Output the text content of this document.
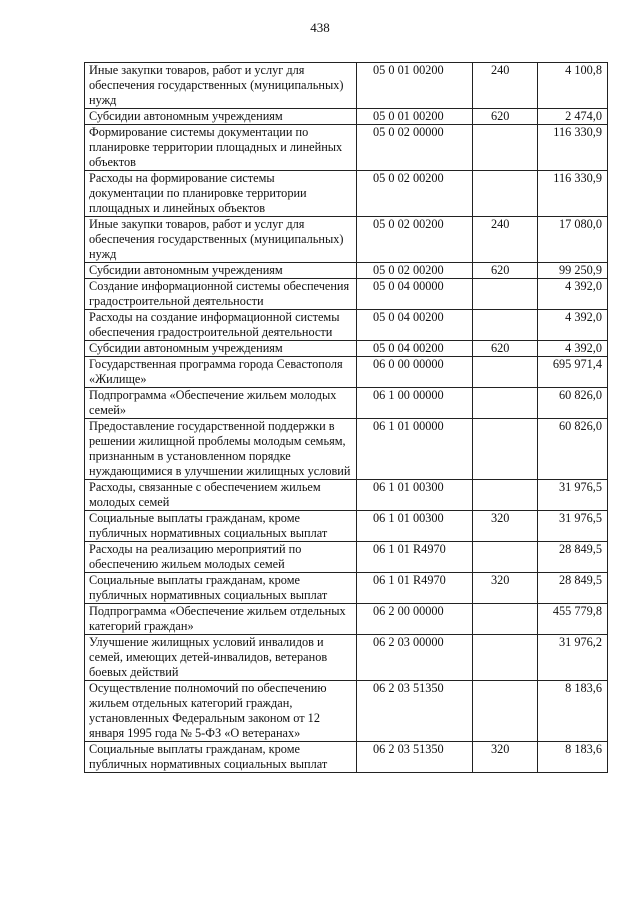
438
Иные закупки товаров, работ и услуг для обеспечения государственных (муниципальных) нужд	05 0 01 00200	240	4 100,8
Субсидии автономным учреждениям	05 0 01 00200	620	2 474,0
Формирование системы документации по планировке территории площадных и линейных объектов	05 0 02 00000		116 330,9
Расходы на формирование системы документации по планировке территории площадных и линейных объектов	05 0 02 00200		116 330,9
Иные закупки товаров, работ и услуг для обеспечения государственных (муниципальных) нужд	05 0 02 00200	240	17 080,0
Субсидии автономным учреждениям	05 0 02 00200	620	99 250,9
Создание информационной системы обеспечения градостроительной деятельности	05 0 04 00000		4 392,0
Расходы на создание информационной системы обеспечения градостроительной деятельности	05 0 04 00200		4 392,0
Субсидии автономным учреждениям	05 0 04 00200	620	4 392,0
Государственная программа города Севастополя «Жилище»	06 0 00 00000		695 971,4
Подпрограмма «Обеспечение жильем молодых семей»	06 1 00 00000		60 826,0
Предоставление государственной поддержки в решении жилищной проблемы молодым семьям, признанным в установленном порядке нуждающимися в улучшении жилищных условий	06 1 01 00000		60 826,0
Расходы, связанные с обеспечением жильем молодых семей	06 1 01 00300		31 976,5
Социальные выплаты гражданам, кроме публичных нормативных социальных выплат	06 1 01 00300	320	31 976,5
Расходы на реализацию мероприятий по обеспечению жильем молодых семей	06 1 01 R4970		28 849,5
Социальные выплаты гражданам, кроме публичных нормативных социальных выплат	06 1 01 R4970	320	28 849,5
Подпрограмма «Обеспечение жильем отдельных категорий граждан»	06 2 00 00000		455 779,8
Улучшение жилищных условий инвалидов и семей, имеющих детей-инвалидов, ветеранов боевых действий	06 2 03 00000		31 976,2
Осуществление полномочий по обеспечению жильем отдельных категорий граждан, установленных Федеральным законом от 12 января 1995 года № 5-ФЗ «О ветеранах»	06 2 03 51350		8 183,6
Социальные выплаты гражданам, кроме публичных нормативных социальных выплат	06 2 03 51350	320	8 183,6
